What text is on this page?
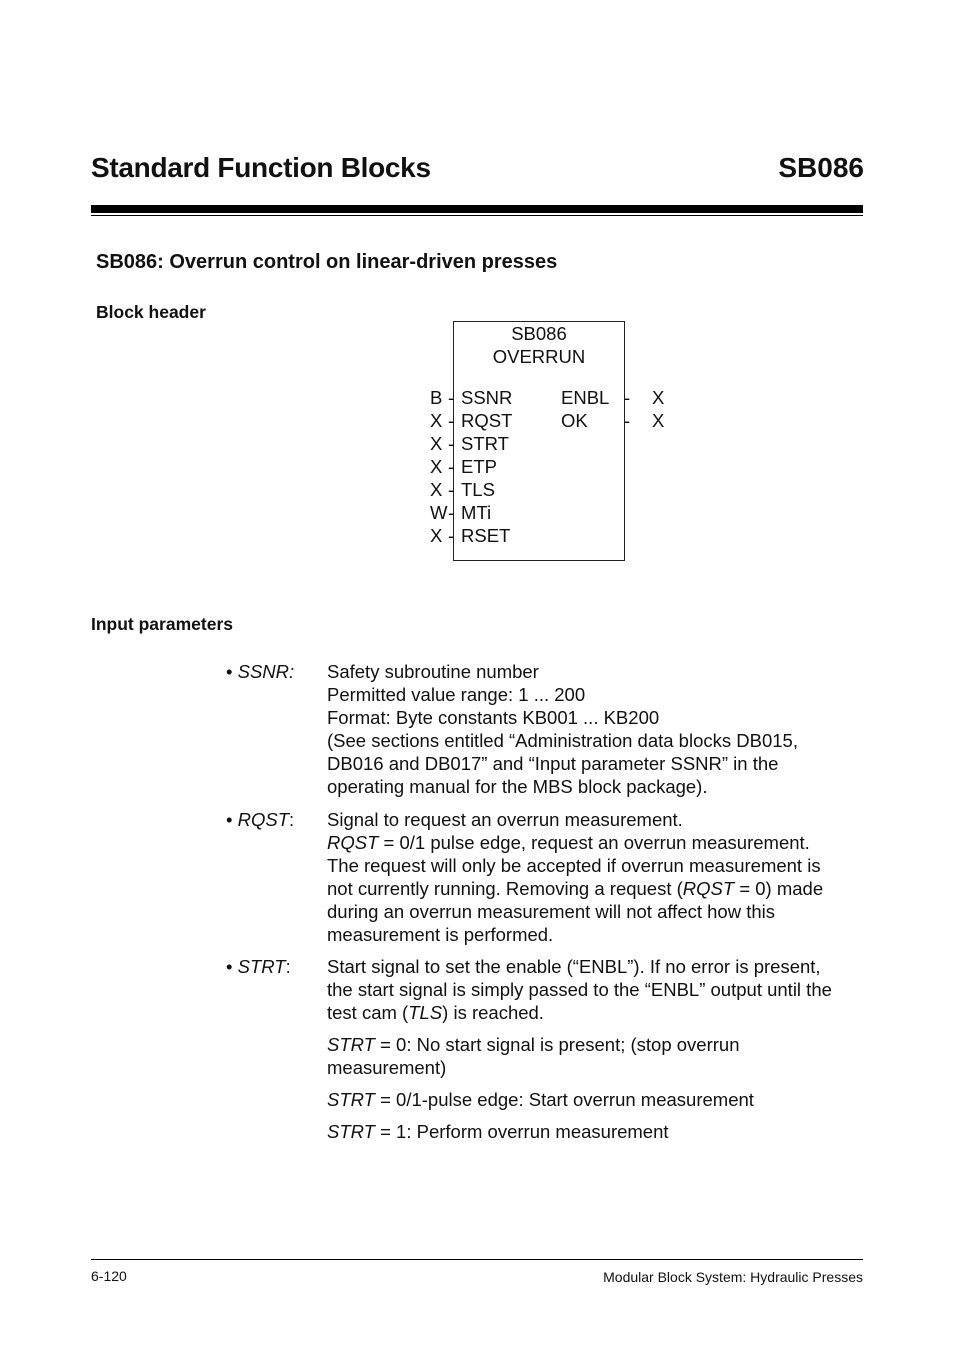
Standard Function Blocks	SB086
SB086: Overrun control on linear-driven presses
Block header
SB086
OVERRUN
B
X
X
X
X
W
X
-
-
-
-
-
-
-
SSNR
RQST
STRT
ETP
TLS
MTi
RSET
ENBL
OK
-
-
X
X
Input parameters
• SSNR: Safety subroutine number

Permitted value range: 1 ... 200

Format: Byte constants KB001 ... KB200

(See sections entitled “Administration data blocks DB015,

DB016 and DB017” and “Input parameter SSNR” in the

operating manual for the MBS block package).

• RQST: Signal to request an overrun measurement.

RQST = 0/1 pulse edge, request an overrun measurement.

The request will only be accepted if overrun measurement is

not currently running. Removing a request (RQST = 0) made

during an overrun measurement will not affect how this

measurement is performed.

• STRT: Start signal to set the enable (“ENBL”). If no error is present,

the start signal is simply passed to the “ENBL” output until the

test cam (TLS) is reached.

STRT = 0: No start signal is present; (stop overrun

measurement)

STRT = 0/1-pulse edge: Start overrun measurement

STRT = 1: Perform overrun measurement

6-120	Modular Block System: Hydraulic Presses
